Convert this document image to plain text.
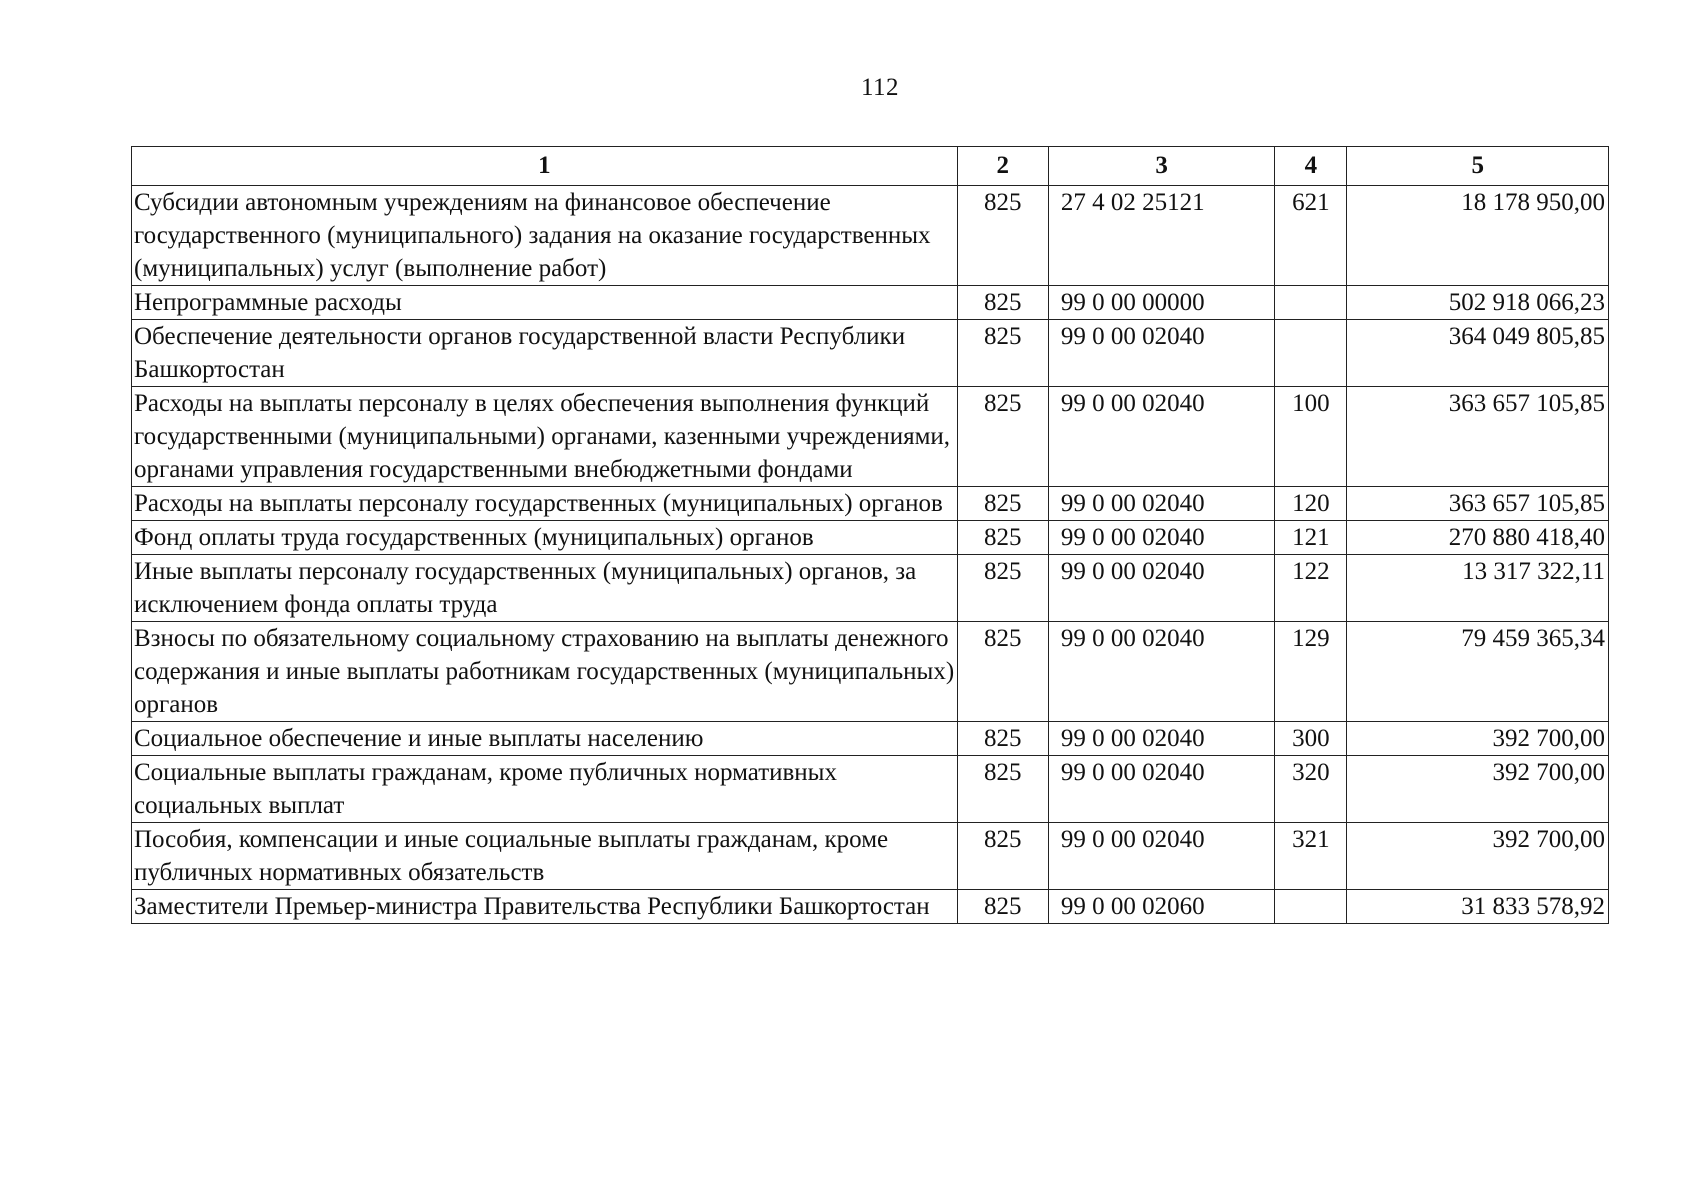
112
1	2	3	4	5
Субсидии автономным учреждениям на финансовое обеспечение государственного (муниципального) задания на оказание государственных (муниципальных) услуг (выполнение работ)	825	27 4 02 25121	621	18 178 950,00
Непрограммные расходы	825	99 0 00 00000		502 918 066,23
Обеспечение деятельности органов государственной власти Республики Башкортостан	825	99 0 00 02040		364 049 805,85
Расходы на выплаты персоналу в целях обеспечения выполнения функций государственными (муниципальными) органами, казенными учреждениями, органами управления государственными внебюджетными фондами	825	99 0 00 02040	100	363 657 105,85
Расходы на выплаты персоналу государственных (муниципальных) органов	825	99 0 00 02040	120	363 657 105,85
Фонд оплаты труда государственных (муниципальных) органов	825	99 0 00 02040	121	270 880 418,40
Иные выплаты персоналу государственных (муниципальных) органов, за исключением фонда оплаты труда	825	99 0 00 02040	122	13 317 322,11
Взносы по обязательному социальному страхованию на выплаты денежного содержания и иные выплаты работникам государственных (муниципальных) органов	825	99 0 00 02040	129	79 459 365,34
Социальное обеспечение и иные выплаты населению	825	99 0 00 02040	300	392 700,00
Социальные выплаты гражданам, кроме публичных нормативных социальных выплат	825	99 0 00 02040	320	392 700,00
Пособия, компенсации и иные социальные выплаты гражданам, кроме публичных нормативных обязательств	825	99 0 00 02040	321	392 700,00
Заместители Премьер-министра Правительства Республики Башкортостан	825	99 0 00 02060		31 833 578,92
